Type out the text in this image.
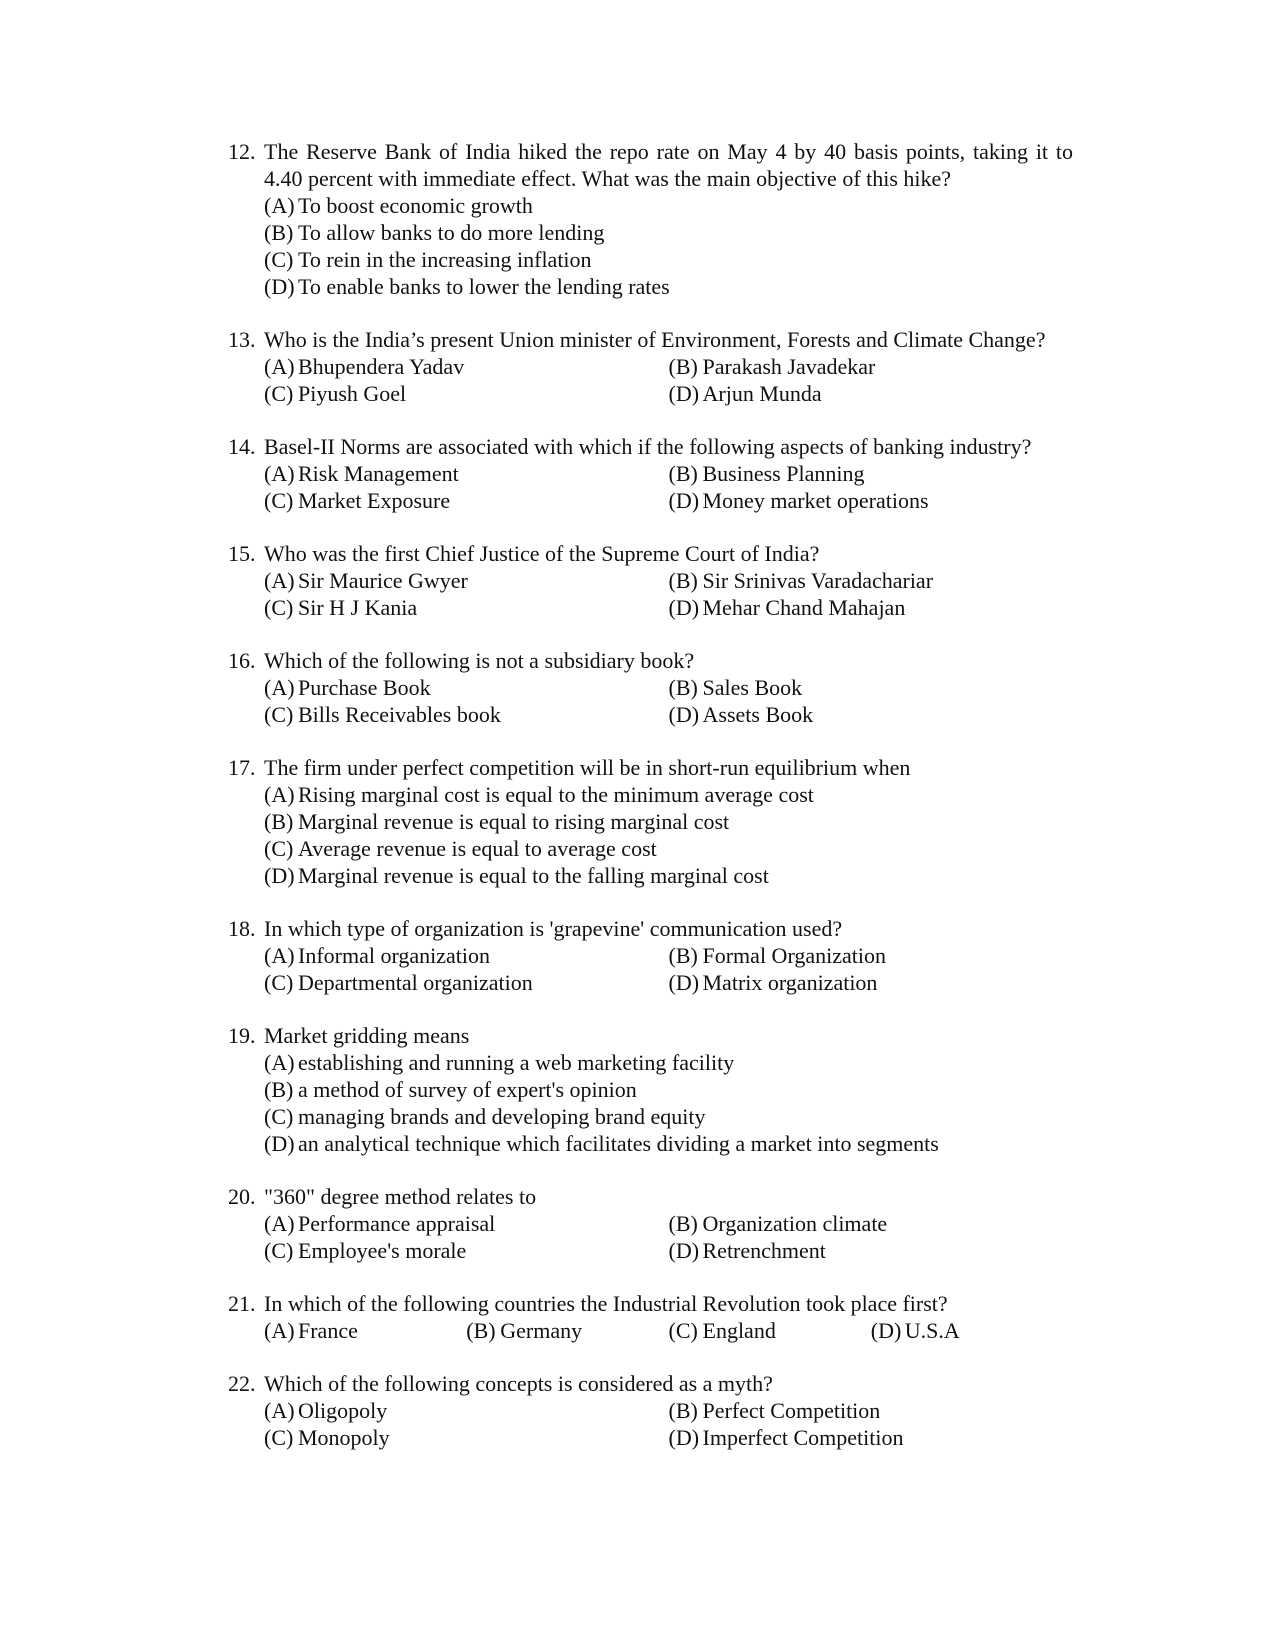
12. The Reserve Bank of India hiked the repo rate on May 4 by 40 basis points, taking it to 4.40 percent with immediate effect. What was the main objective of this hike?
(A) To boost economic growth
(B) To allow banks to do more lending
(C) To rein in the increasing inflation
(D) To enable banks to lower the lending rates
13. Who is the India’s present Union minister of Environment, Forests and Climate Change?
(A) Bhupendera Yadav	(B) Parakash Javadekar
(C) Piyush Goel	(D) Arjun Munda
14. Basel-II Norms are associated with which if the following aspects of banking industry?
(A) Risk Management	(B) Business Planning
(C) Market Exposure	(D) Money market operations
15. Who was the first Chief Justice of the Supreme Court of India?
(A) Sir Maurice Gwyer	(B) Sir Srinivas Varadachariar
(C) Sir H J Kania	(D) Mehar Chand Mahajan
16. Which of the following is not a subsidiary book?
(A) Purchase Book	(B) Sales Book
(C) Bills Receivables book	(D) Assets Book
17. The firm under perfect competition will be in short-run equilibrium when
(A) Rising marginal cost is equal to the minimum average cost
(B) Marginal revenue is equal to rising marginal cost
(C) Average revenue is equal to average cost
(D) Marginal revenue is equal to the falling marginal cost
18. In which type of organization is 'grapevine' communication used?
(A) Informal organization	(B) Formal Organization
(C) Departmental organization	(D) Matrix organization
19. Market gridding means
(A) establishing and running a web marketing facility
(B) a method of survey of expert's opinion
(C) managing brands and developing brand equity
(D) an analytical technique which facilitates dividing a market into segments
20. "360" degree method relates to
(A) Performance appraisal	(B) Organization climate
(C) Employee's morale	(D) Retrenchment
21. In which of the following countries the Industrial Revolution took place first?
(A) France	(B) Germany	(C) England	(D) U.S.A
22. Which of the following concepts is considered as a myth?
(A) Oligopoly	(B) Perfect Competition
(C) Monopoly	(D) Imperfect Competition
